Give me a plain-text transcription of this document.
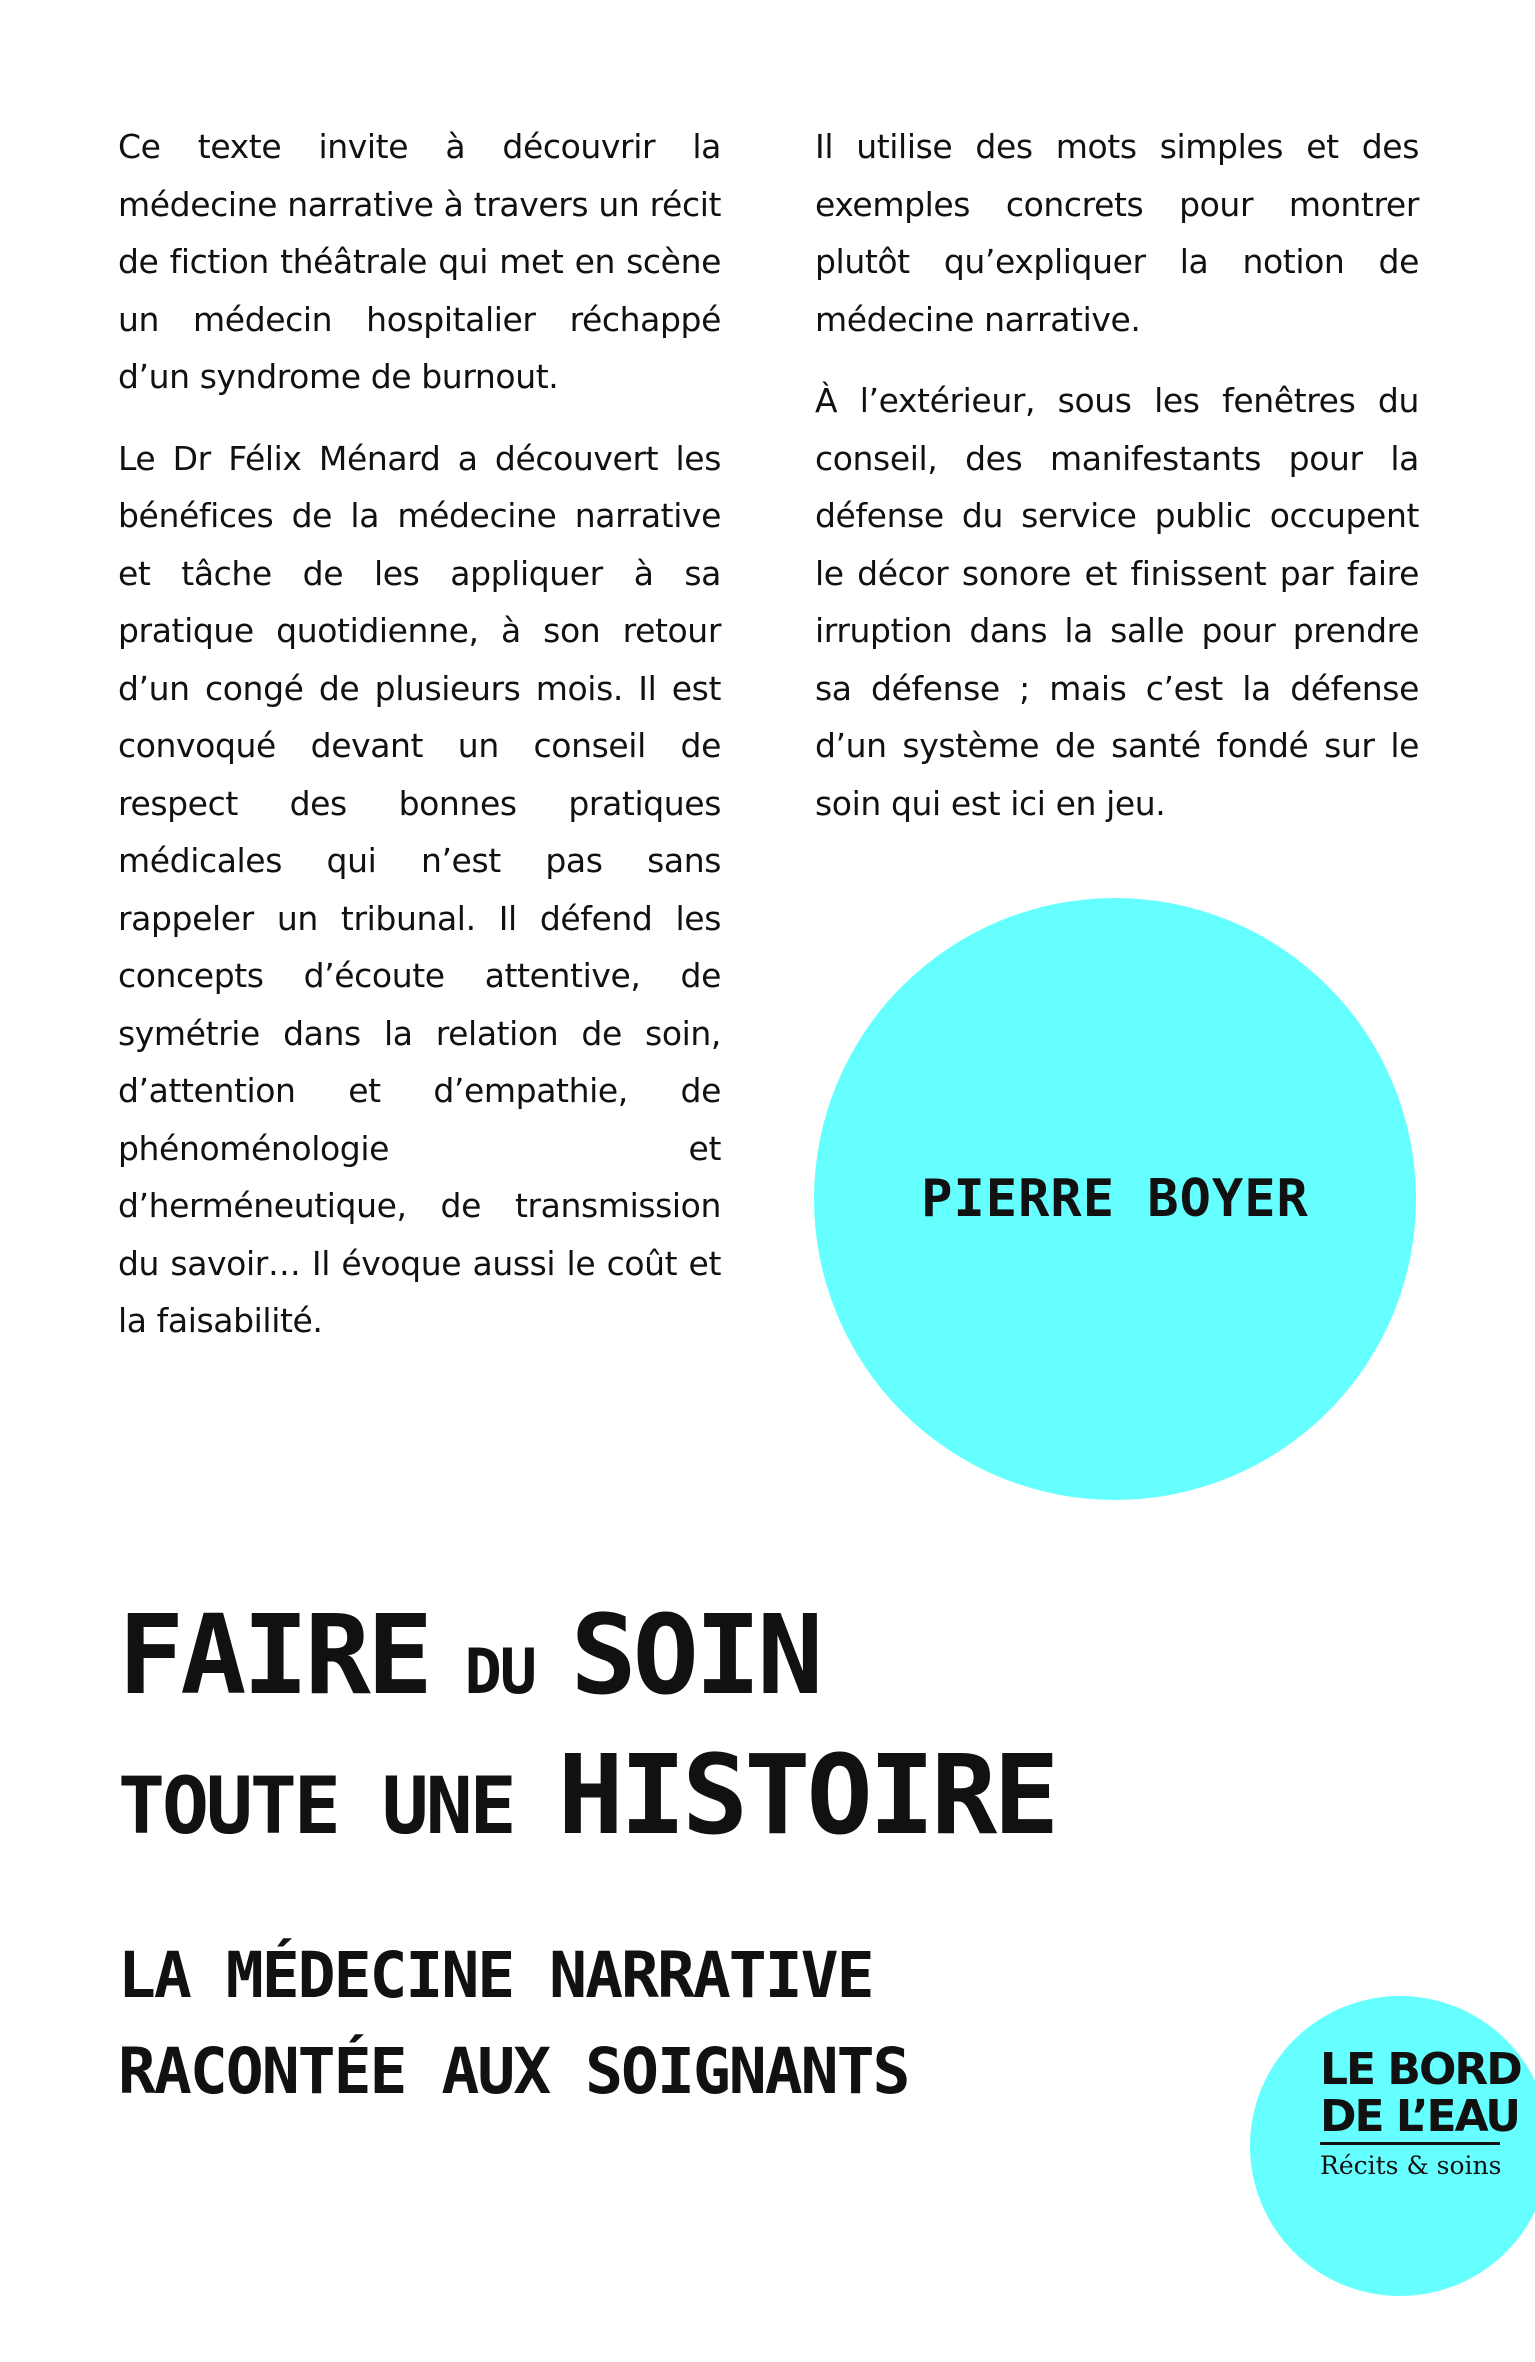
Ce texte invite à découvrir la médecine narrative à travers un récit de fiction théâtrale qui met en scène un médecin hospitalier réchappé d’un syndrome de burnout.

Le Dr Félix Ménard a découvert les bénéfices de la médecine narrative et tâche de les appliquer à sa pratique quotidienne, à son retour d’un congé de plusieurs mois. Il est convoqué devant un conseil de respect des bonnes pratiques médicales qui n’est pas sans rappeler un tribunal. Il défend les concepts d’écoute attentive, de symétrie dans la relation de soin, d’attention et d’empathie, de phénoménologie et d’herméneutique, de transmission du savoir… Il évoque aussi le coût et la faisabilité.

Il utilise des mots simples et des exemples concrets pour montrer plutôt qu’expliquer la notion de médecine narrative.

À l’extérieur, sous les fenêtres du conseil, des manifestants pour la défense du service public occupent le décor sonore et finissent par faire irruption dans la salle pour prendre sa défense ; mais c’est la défense d’un système de santé fondé sur le soin qui est ici en jeu.

PIERRE BOYER
FAIRE DU SOIN
TOUTE UNE HISTOIRE
LA MÉDECINE NARRATIVE
RACONTÉE AUX SOIGNANTS	LE BORD
DE L’EAU
Récits & soins
